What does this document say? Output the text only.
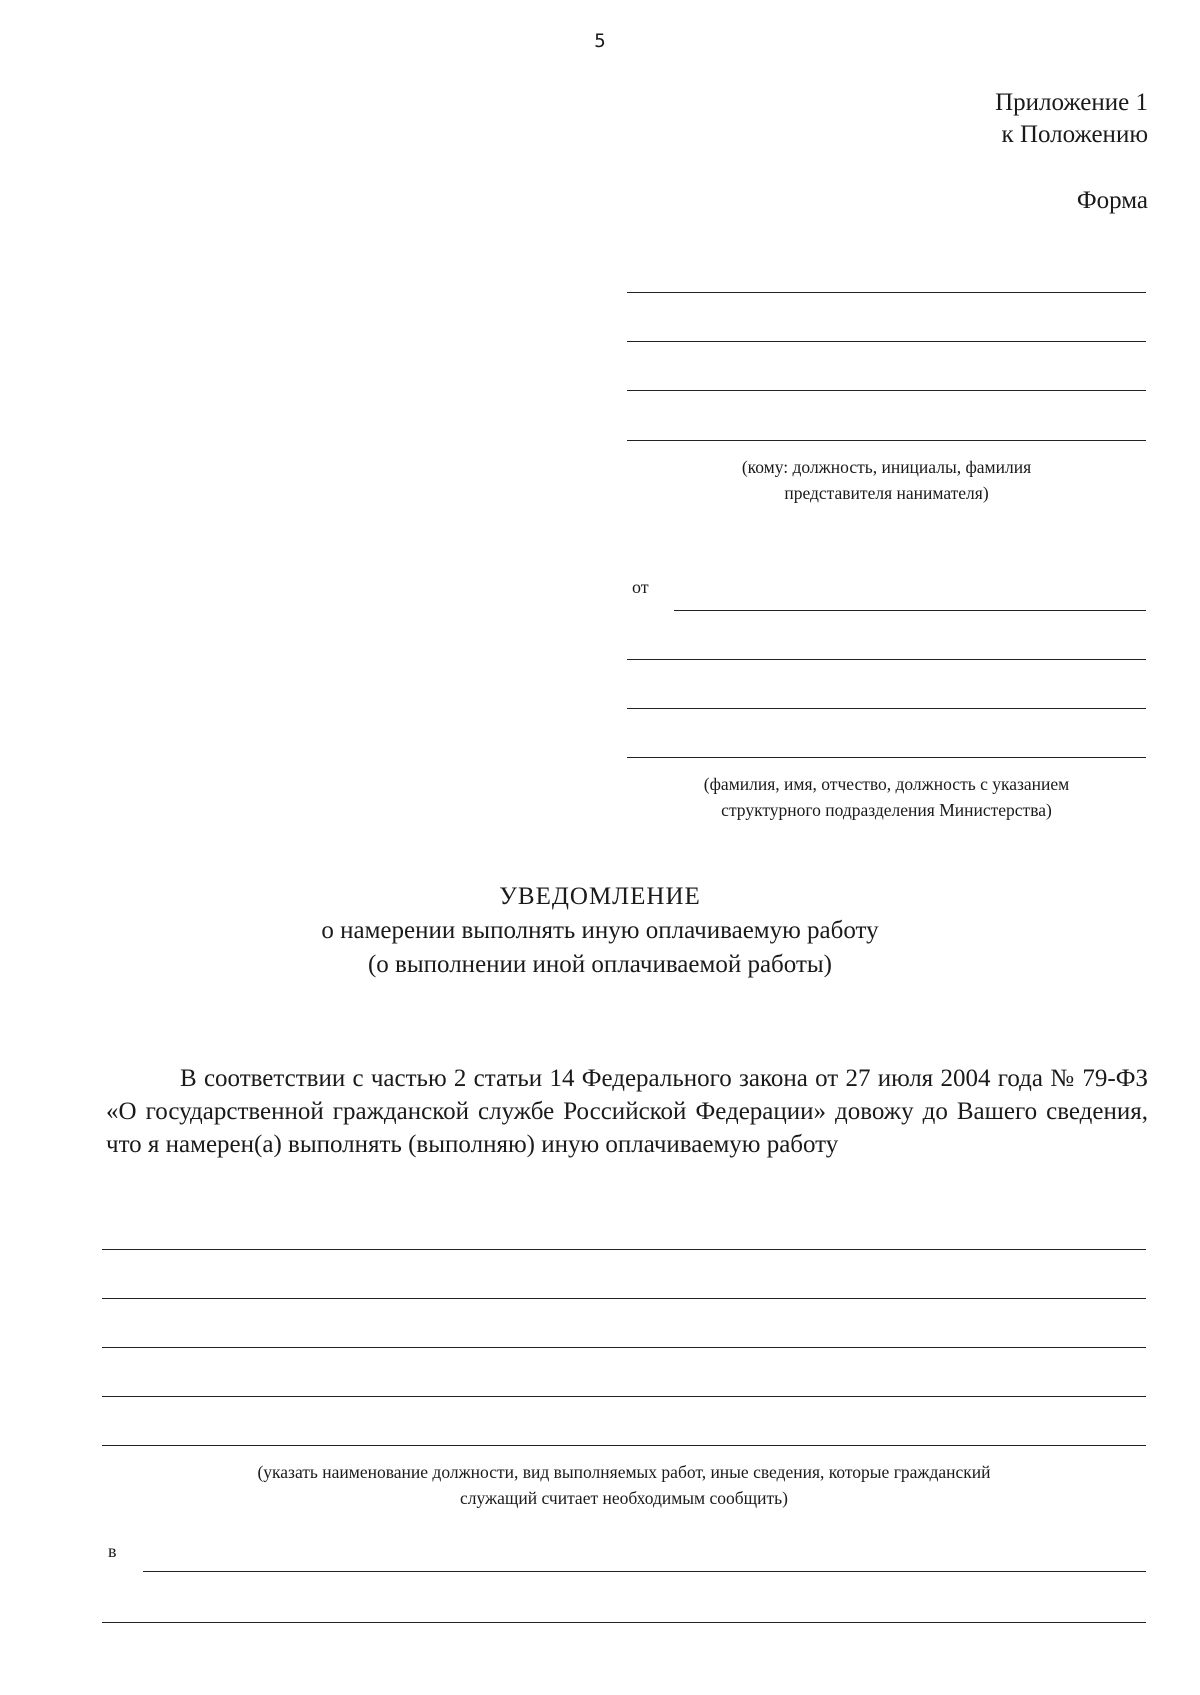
5
Приложение 1
к Положению
Форма
(кому: должность, инициалы, фамилия
представителя нанимателя)
от
(фамилия, имя, отчество, должность с указанием
структурного подразделения Министерства)
УВЕДОМЛЕНИЕ
о намерении выполнять иную оплачиваемую работу
(о выполнении иной оплачиваемой работы)
В соответствии с частью 2 статьи 14 Федерального закона от 27 июля 2004 года № 79-ФЗ «О государственной гражданской службе Российской Федерации» довожу до Вашего сведения, что я намерен(а) выполнять (выполняю) иную оплачиваемую работу
(указать наименование должности, вид выполняемых работ, иные сведения, которые гражданский
служащий считает необходимым сообщить)
в
